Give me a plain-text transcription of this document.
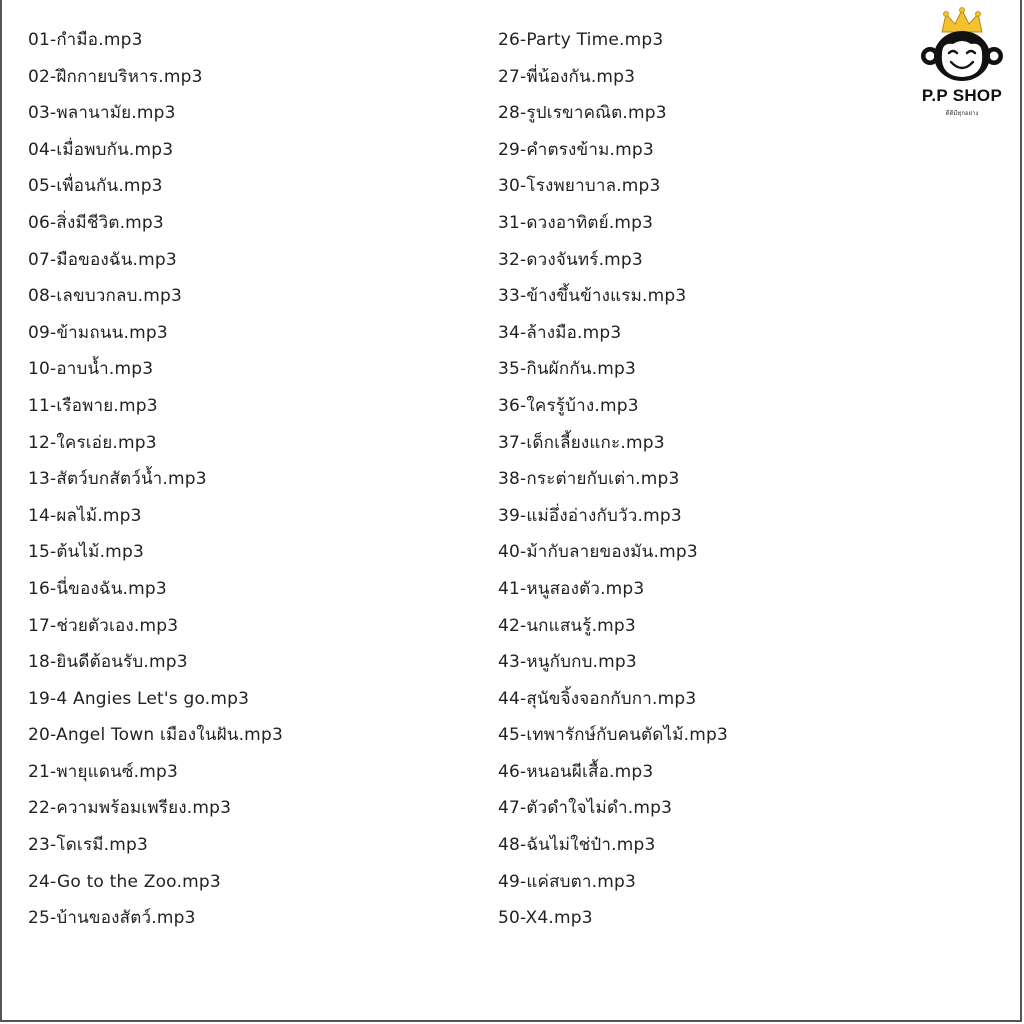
01-กำมือ.mp3
02-ฝึกกายบริหาร.mp3
03-พลานามัย.mp3
04-เมื่อพบกัน.mp3
05-เพื่อนกัน.mp3
06-สิ่งมีชีวิต.mp3
07-มือของฉัน.mp3
08-เลขบวกลบ.mp3
09-ข้ามถนน.mp3
10-อาบน้ำ.mp3
11-เรือพาย.mp3
12-ใครเอ่ย.mp3
13-สัตว์บกสัตว์น้ำ.mp3
14-ผลไม้.mp3
15-ต้นไม้.mp3
16-นี่ของฉัน.mp3
17-ช่วยตัวเอง.mp3
18-ยินดีต้อนรับ.mp3
19-4 Angies Let's go.mp3
20-Angel Town เมืองในฝัน.mp3
21-พายุแดนซ์.mp3
22-ความพร้อมเพรียง.mp3
23-โดเรมี.mp3
24-Go to the Zoo.mp3
25-บ้านของสัตว์.mp3
26-Party Time.mp3
27-พี่น้องกัน.mp3
28-รูปเรขาคณิต.mp3
29-คำตรงข้าม.mp3
30-โรงพยาบาล.mp3
31-ดวงอาทิตย์.mp3
32-ดวงจันทร์.mp3
33-ข้างขึ้นข้างแรม.mp3
34-ล้างมือ.mp3
35-กินผักกัน.mp3
36-ใครรู้บ้าง.mp3
37-เด็กเลี้ยงแกะ.mp3
38-กระต่ายกับเต่า.mp3
39-แม่อึ่งอ่างกับวัว.mp3
40-ม้ากับลายของมัน.mp3
41-หนูสองตัว.mp3
42-นกแสนรู้.mp3
43-หนูกับกบ.mp3
44-สุนัขจิ้งจอกกับกา.mp3
45-เทพารักษ์กับคนตัดไม้.mp3
46-หนอนผีเสื้อ.mp3
47-ตัวดำใจไม่ดำ.mp3
48-ฉันไม่ใช่ป๋า.mp3
49-แค่สบตา.mp3
50-X4.mp3
P.P SHOP
ดีดีมีทุกอย่าง
